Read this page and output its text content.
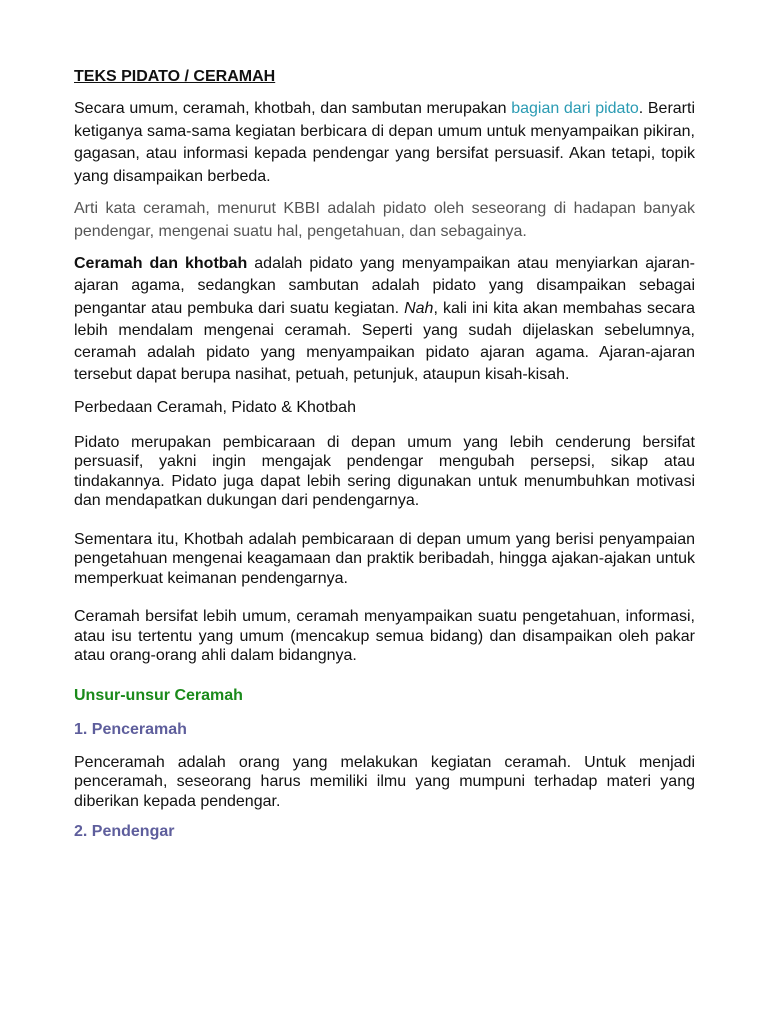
TEKS PIDATO / CERAMAH

Secara umum, ceramah, khotbah, dan sambutan merupakan bagian dari pidato. Berarti ketiganya sama-sama kegiatan berbicara di depan umum untuk menyampaikan pikiran, gagasan, atau informasi kepada pendengar yang bersifat persuasif. Akan tetapi, topik yang disampaikan berbeda.

Arti kata ceramah, menurut KBBI adalah pidato oleh seseorang di hadapan banyak pendengar, mengenai suatu hal, pengetahuan, dan sebagainya.

Ceramah dan khotbah adalah pidato yang menyampaikan atau menyiarkan ajaran-ajaran agama, sedangkan sambutan adalah pidato yang disampaikan sebagai pengantar atau pembuka dari suatu kegiatan. Nah, kali ini kita akan membahas secara lebih mendalam mengenai ceramah. Seperti yang sudah dijelaskan sebelumnya, ceramah adalah pidato yang menyampaikan pidato ajaran agama. Ajaran-ajaran tersebut dapat berupa nasihat, petuah, petunjuk, ataupun kisah-kisah.

Perbedaan Ceramah, Pidato & Khotbah

Pidato merupakan pembicaraan di depan umum yang lebih cenderung bersifat persuasif, yakni ingin mengajak pendengar mengubah persepsi, sikap atau tindakannya. Pidato juga dapat lebih sering digunakan untuk menumbuhkan motivasi dan mendapatkan dukungan dari pendengarnya.

Sementara itu, Khotbah adalah pembicaraan di depan umum yang berisi penyampaian pengetahuan mengenai keagamaan dan praktik beribadah, hingga ajakan-ajakan untuk memperkuat keimanan pendengarnya.

Ceramah bersifat lebih umum, ceramah menyampaikan suatu pengetahuan, informasi, atau isu tertentu yang umum (mencakup semua bidang) dan disampaikan oleh pakar atau orang-orang ahli dalam bidangnya.

Unsur-unsur Ceramah
1. Penceramah

Penceramah adalah orang yang melakukan kegiatan ceramah. Untuk menjadi penceramah, seseorang harus memiliki ilmu yang mumpuni terhadap materi yang diberikan kepada pendengar.

2. Pendengar
